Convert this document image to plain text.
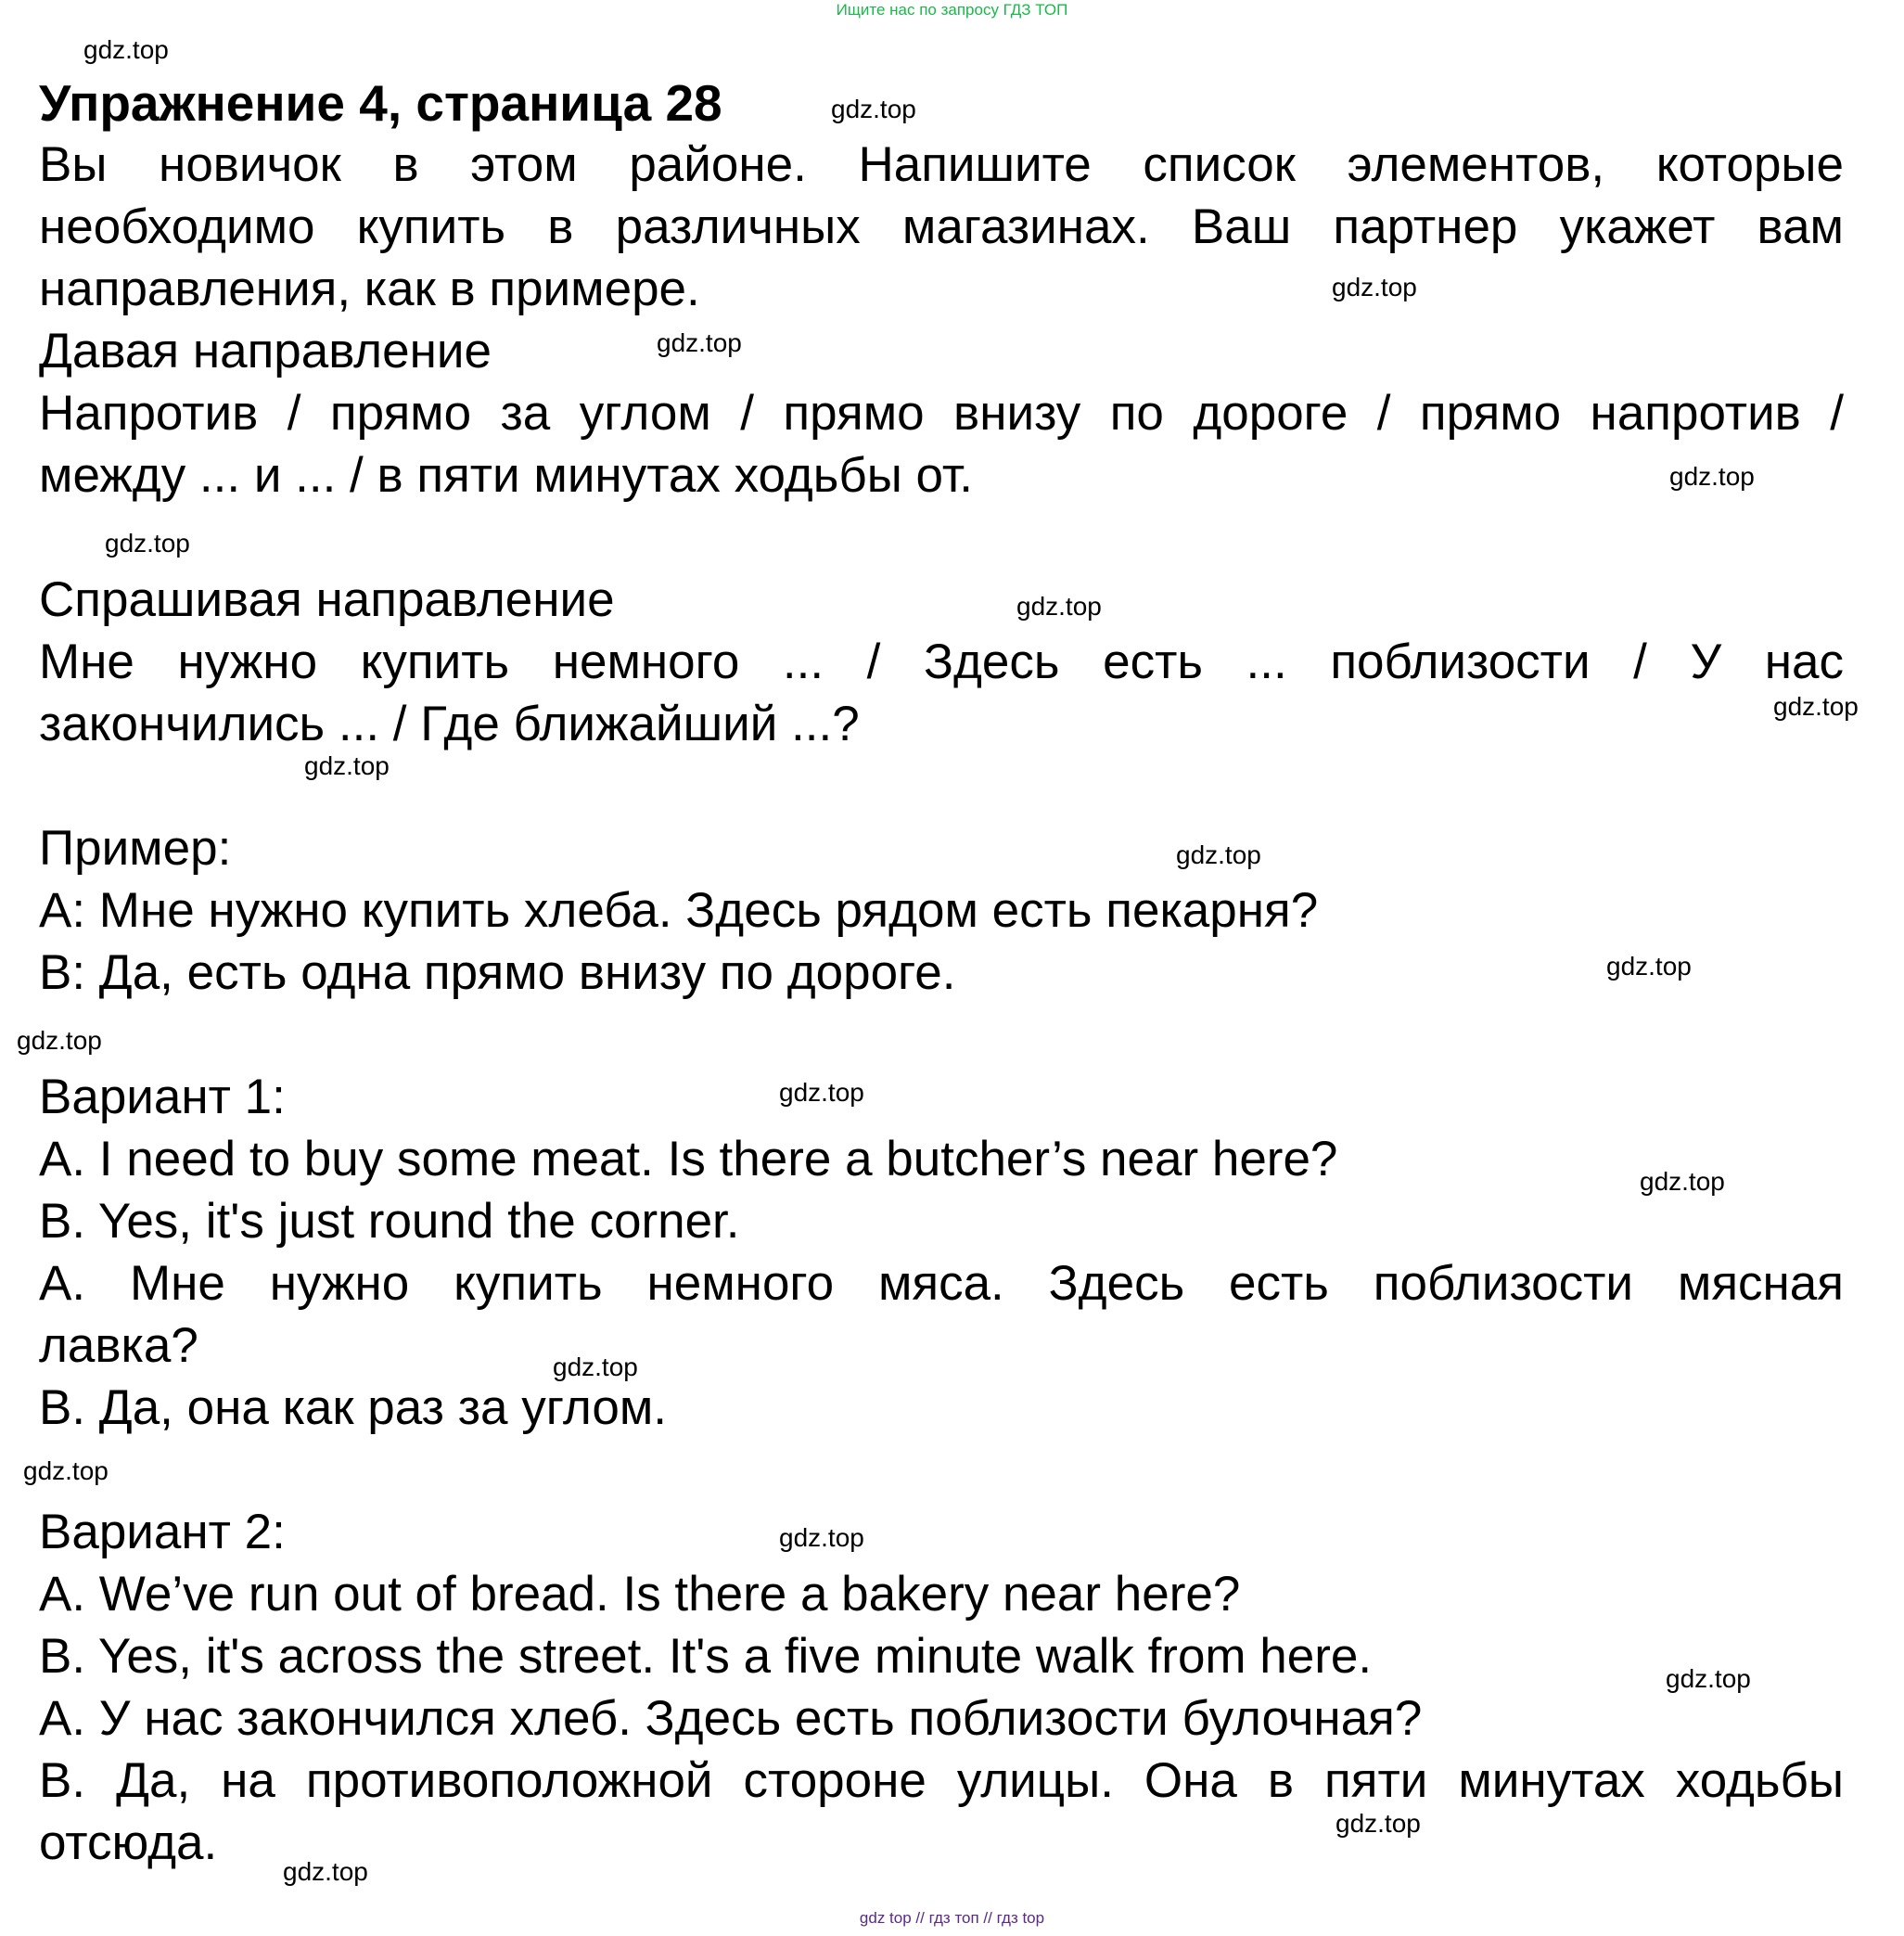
Ищите нас по запросу ГДЗ ТОП
Упражнение 4, страница 28
Вы новичок в этом районе. Напишите список элементов, которые
необходимо купить в различных магазинах. Ваш партнер укажет вам
направления, как в примере.
Давая направление
Напротив / прямо за углом / прямо внизу по дороге / прямо напротив /
между ... и ... / в пяти минутах ходьбы от.
Спрашивая направление
Мне нужно купить немного ... / Здесь есть ... поблизости / У нас
закончились ... / Где ближайший ...?
Пример:
А: Мне нужно купить хлеба. Здесь рядом есть пекарня?
В: Да, есть одна прямо внизу по дороге.
Вариант 1:
A. I need to buy some meat. Is there a butcher’s near here?
B. Yes, it's just round the corner.
А. Мне нужно купить немного мяса. Здесь есть поблизости мясная
лавка?
В. Да, она как раз за углом.
Вариант 2:
A. We’ve run out of bread. Is there a bakery near here?
B. Yes, it's across the street. It's a five minute walk from here.
А. У нас закончился хлеб. Здесь есть поблизости булочная?
В. Да, на противоположной стороне улицы. Она в пяти минутах ходьбы
отсюда.
gdz.top
gdz.top
gdz.top
gdz.top
gdz.top
gdz.top
gdz.top
gdz.top
gdz.top
gdz.top
gdz.top
gdz.top
gdz.top
gdz.top
gdz.top
gdz.top
gdz.top
gdz.top
gdz.top
gdz.top
gdz top // гдз топ // гдз top
